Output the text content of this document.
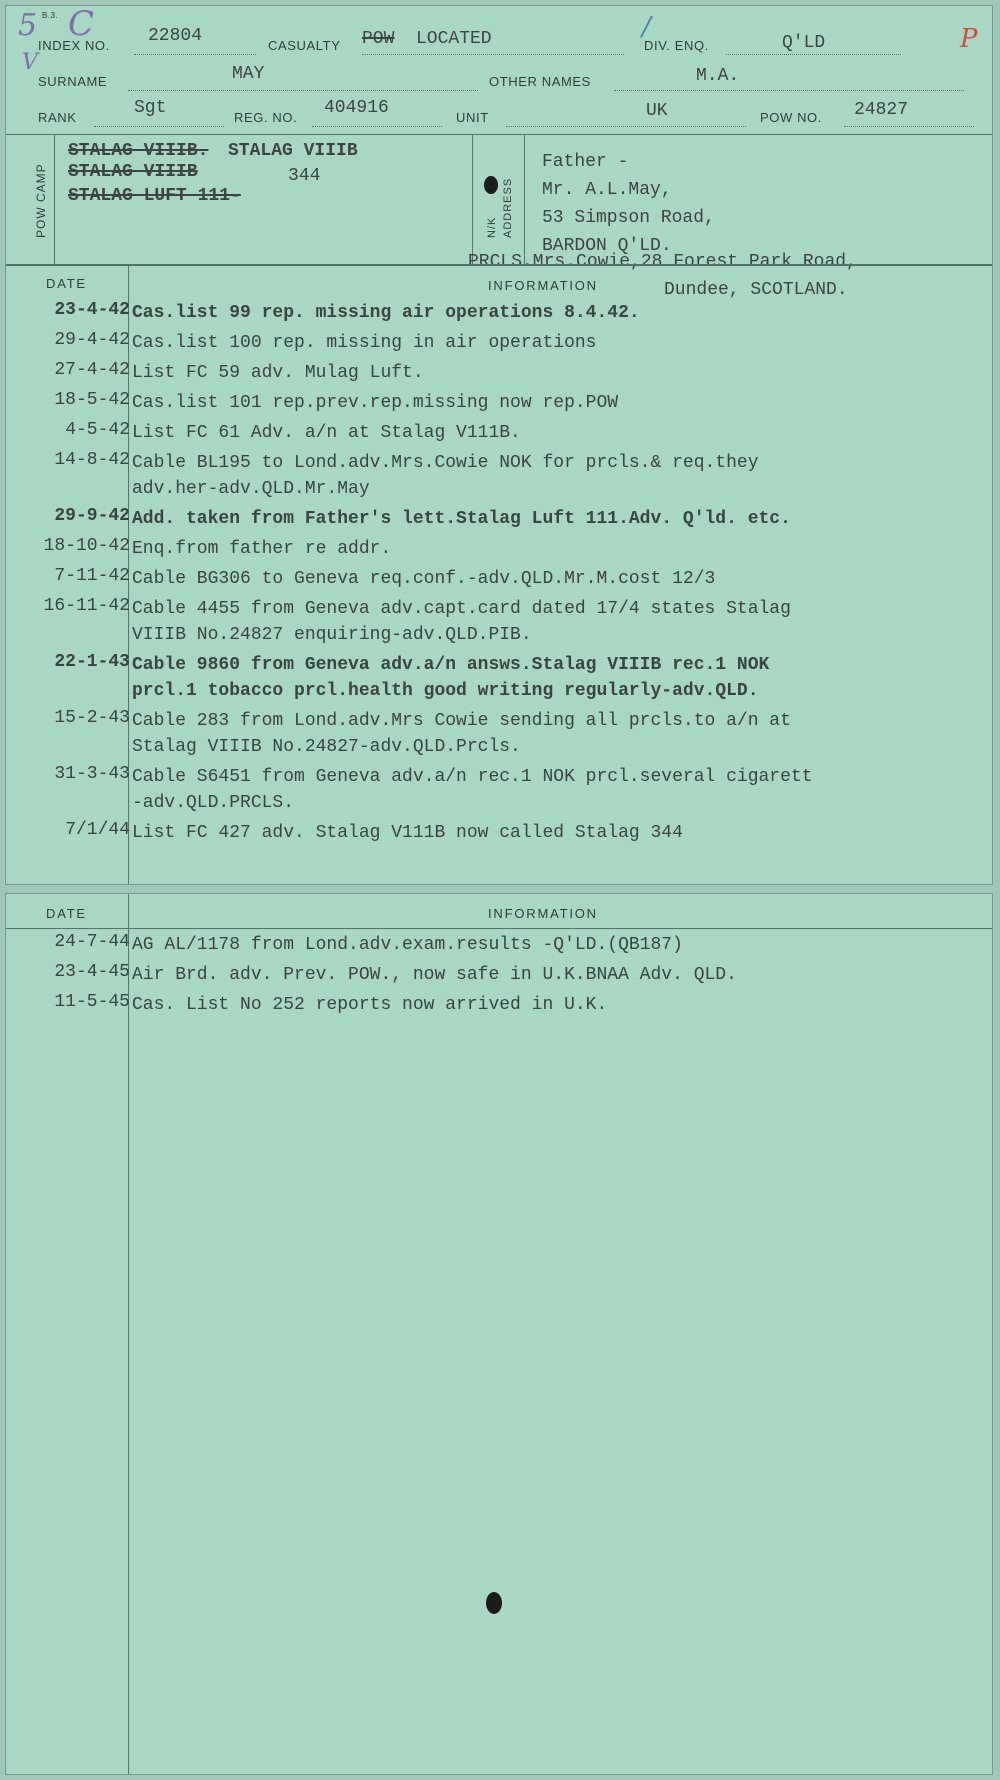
B.3.
INDEX NO. 22804	CASUALTY POW LOCATED	DIV. ENQ.	Q'LD
SURNAME	MAY	OTHER NAMES	M.A.
RANK	Sgt	REG. NO. 404916	UNIT	UK	POW NO. 24827
5 C
V
P
/
POW CAMP
STALAG VIIIB. STALAG VIIIB
STALAG VIIIB	344
STALAG LUFT 111-
N/K ADDRESS
Father -
Mr. A.L.May,
53 Simpson Road,
BARDON Q'LD.
PRCLS.Mrs.Cowie,28 Forest Park Road,
Dundee, SCOTLAND.
DATE	INFORMATION
23-4-42 Cas.list 99 rep. missing air operations 8.4.42.
29-4-42 Cas.list 100 rep. missing in air operations
27-4-42 List FC 59 adv. Mulag Luft.
18-5-42 Cas.list 101 rep.prev.rep.missing now rep.POW
4-5-42 List FC 61 Adv. a/n at Stalag V111B.
14-8-42 Cable BL195 to Lond.adv.Mrs.Cowie NOK for prcls.& req.they
adv.her-adv.QLD.Mr.May
29-9-42 Add. taken from Father's lett.Stalag Luft 111.Adv. Q'ld. etc.
18-10-42 Enq.from father re addr.
7-11-42 Cable BG306 to Geneva req.conf.-adv.QLD.Mr.M.cost 12/3
16-11-42 Cable 4455 from Geneva adv.capt.card dated 17/4 states Stalag
VIIIB No.24827 enquiring-adv.QLD.PIB.
22-1-43 Cable 9860 from Geneva adv.a/n answs.Stalag VIIIB rec.1 NOK
prcl.1 tobacco prcl.health good writing regularly-adv.QLD.
15-2-43 Cable 283 from Lond.adv.Mrs Cowie sending all prcls.to a/n at
Stalag VIIIB No.24827-adv.QLD.Prcls.
31-3-43 Cable S6451 from Geneva adv.a/n rec.1 NOK prcl.several cigarett
-adv.QLD.PRCLS.
7/1/44 List FC 427 adv. Stalag V111B now called Stalag 344
DATE	INFORMATION
24-7-44 AG AL/1178 from Lond.adv.exam.results -Q'LD.(QB187)
23-4-45 Air Brd. adv. Prev. POW., now safe in U.K.BNAA Adv. QLD.
11-5-45 Cas. List No 252 reports now arrived in U.K.
